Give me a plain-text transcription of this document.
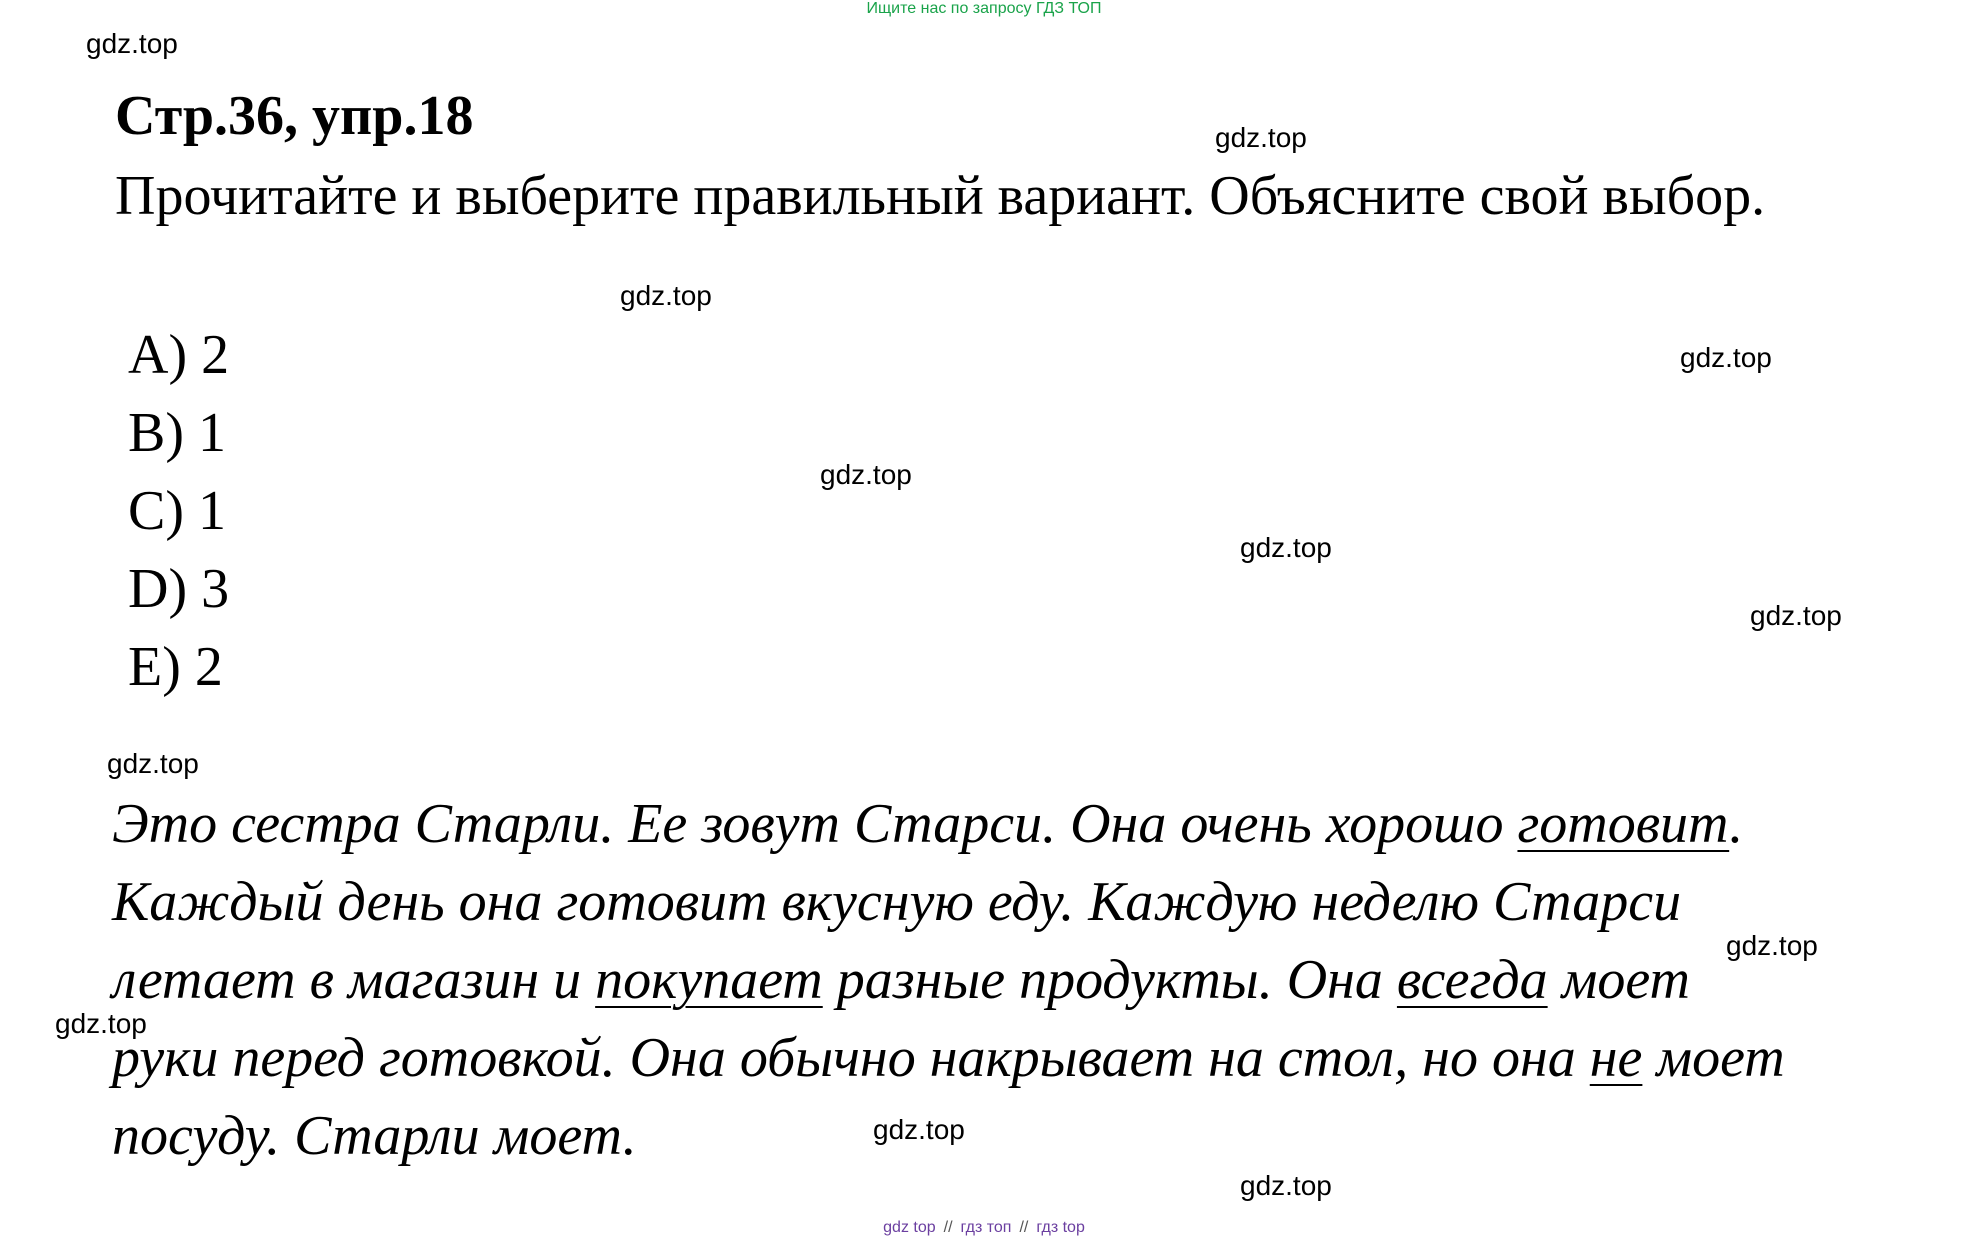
Ищите нас по запросу ГДЗ ТОП
gdz.top
gdz.top
gdz.top
gdz.top
gdz.top
gdz.top
gdz.top
gdz.top
gdz.top
gdz.top
gdz.top
gdz.top
Стр.36, упр.18
Прочитайте и выберите правильный вариант. Объясните свой выбор.
A) 2
B) 1
C) 1
D) 3
E) 2

Это сестра Старли. Ее зовут Старси. Она очень хорошо готовит.
Каждый день она готовит вкусную еду. Каждую неделю Старси
летает в магазин и покупает разные продукты. Она всегда моет
руки перед готовкой. Она обычно накрывает на стол, но она не моет
посуду. Старли моет.

gdz top // гдз топ // гдз top
